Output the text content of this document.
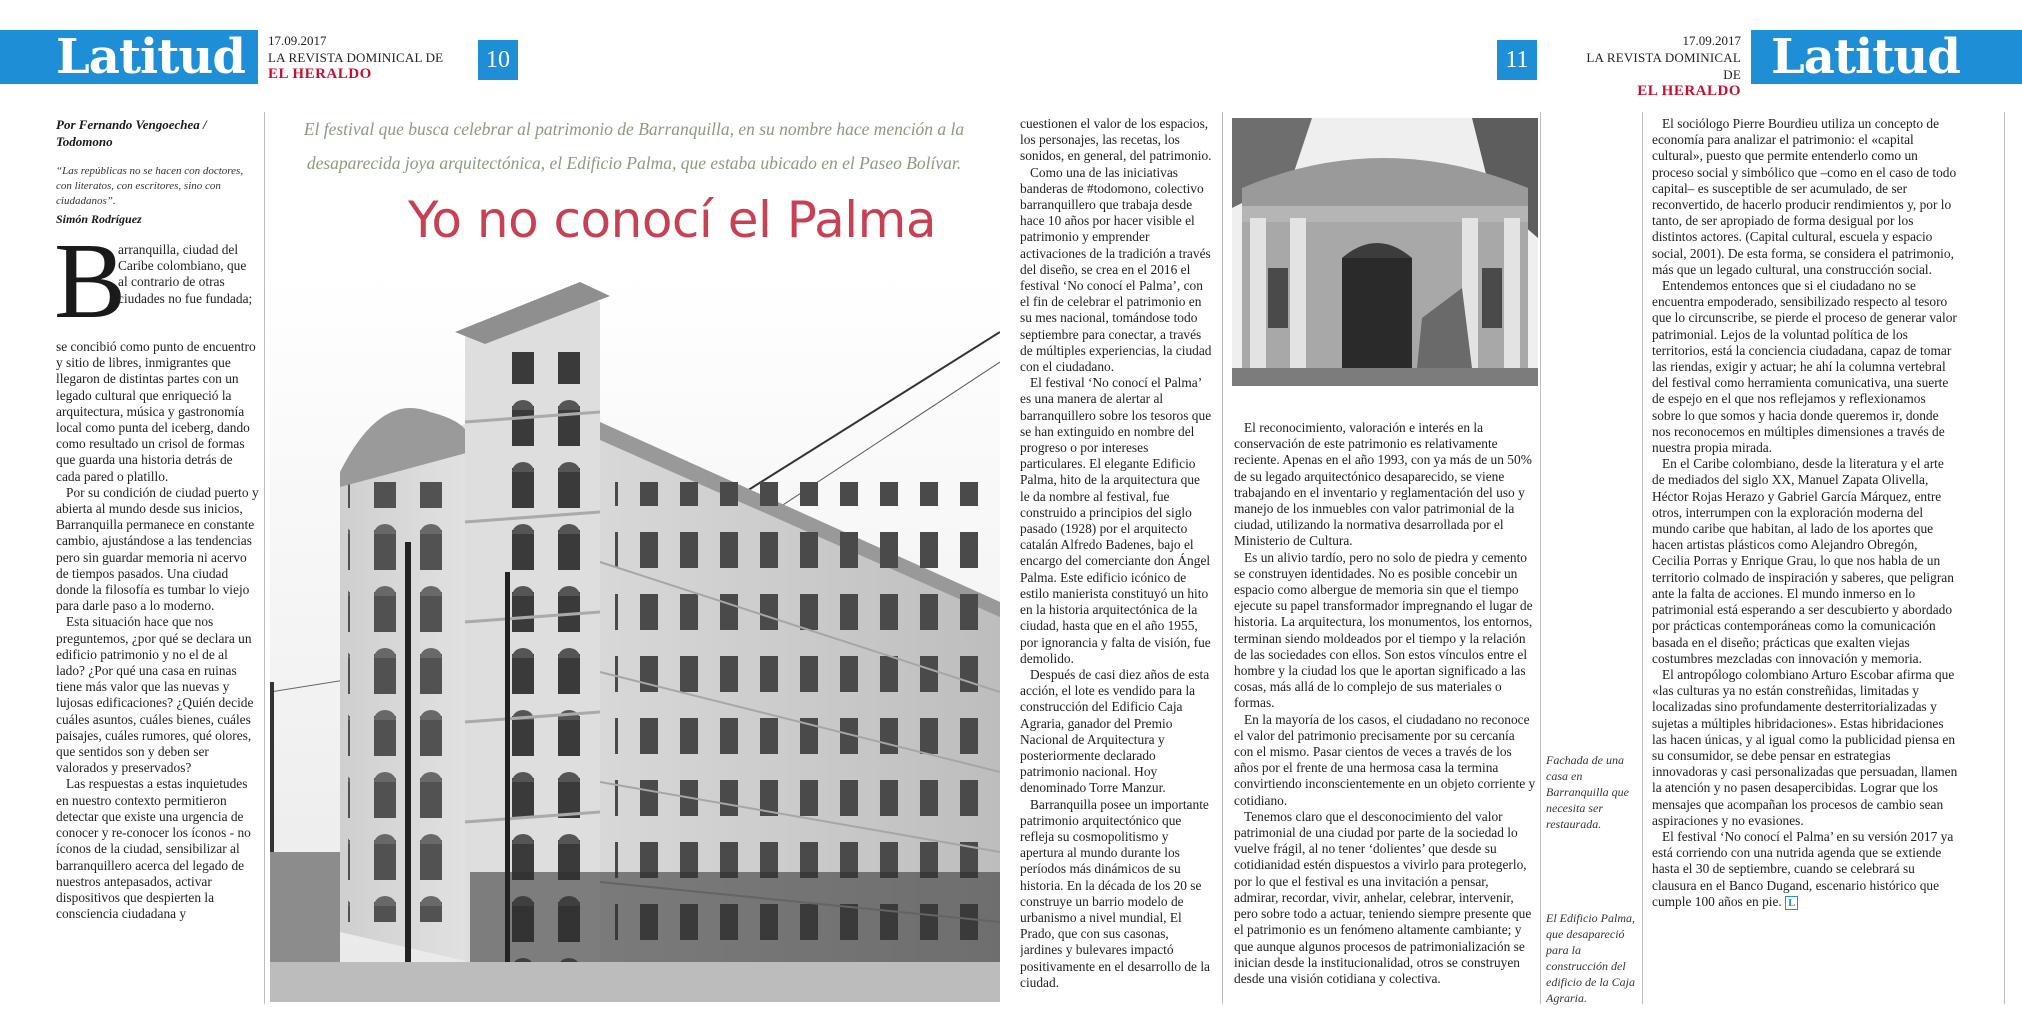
Latitud 17.09.2017
LA REVISTA DOMINICAL DE
EL HERALDO
10	11
17.09.2017
LA REVISTA DOMINICAL DE
EL HERALDO
Latitud
Por Fernando Vengoechea / Todomono
“Las repúblicas no se hacen con doctores, con literatos, con escritores, sino con ciudadanos”.
Simón Rodríguez
B

arranquilla, ciudad del Caribe colombiano, que al contrario de otras ciudades no fue fundada;

se concibió como punto de encuentro y sitio de libres, inmigrantes que llegaron de distintas partes con un legado cultural que enriqueció la arquitectura, música y gastronomía local como punta del iceberg, dando como resultado un crisol de formas que guarda una historia detrás de cada pared o platillo.

Por su condición de ciudad puerto y abierta al mundo desde sus inicios, Barranquilla permanece en constante cambio, ajustándose a las tendencias pero sin guardar memoria ni acervo de tiempos pasados. Una ciudad donde la filosofía es tumbar lo viejo para darle paso a lo moderno.

Esta situación hace que nos preguntemos, ¿por qué se declara un edificio patrimonio y no el de al lado? ¿Por qué una casa en ruinas tiene más valor que las nuevas y lujosas edificaciones? ¿Quién decide cuáles asuntos, cuáles bienes, cuáles paisajes, cuáles rumores, qué olores, que sentidos son y deben ser valorados y preservados?

Las respuestas a estas inquietudes en nuestro contexto permitieron detectar que existe una urgencia de conocer y re-conocer los íconos - no íconos de la ciudad, sensibilizar al barranquillero acerca del legado de nuestros antepasados, activar dispositivos que despierten la consciencia ciudadana y

El festival que busca celebrar al patrimonio de Barranquilla, en su nombre hace mención a la desaparecida joya arquitectónica, el Edificio Palma, que estaba ubicado en el Paseo Bolívar.
Yo no conocí el Palma

cuestionen el valor de los espacios, los personajes, las recetas, los sonidos, en general, del patrimonio.

Como una de las iniciativas banderas de #todomono, colectivo barranquillero que trabaja desde hace 10 años por hacer visible el patrimonio y emprender activaciones de la tradición a través del diseño, se crea en el 2016 el festival ‘No conocí el Palma’, con el fin de celebrar el patrimonio en su mes nacional, tomándose todo septiembre para conectar, a través de múltiples experiencias, la ciudad con el ciudadano.

El festival ‘No conocí el Palma’ es una manera de alertar al barranquillero sobre los tesoros que se han extinguido en nombre del progreso o por intereses particulares. El elegante Edificio Palma, hito de la arquitectura que le da nombre al festival, fue construido a principios del siglo pasado (1928) por el arquitecto catalán Alfredo Badenes, bajo el encargo del comerciante don Ángel Palma. Este edificio icónico de estilo manierista constituyó un hito en la historia arquitectónica de la ciudad, hasta que en el año 1955, por ignorancia y falta de visión, fue demolido.

Después de casi diez años de esta acción, el lote es vendido para la construcción del Edificio Caja Agraria, ganador del Premio Nacional de Arquitectura y posteriormente declarado patrimonio nacional. Hoy denominado Torre Manzur.

Barranquilla posee un importante patrimonio arquitectónico que refleja su cosmopolitismo y apertura al mundo durante los períodos más dinámicos de su historia. En la década de los 20 se construye un barrio modelo de urbanismo a nivel mundial, El Prado, que con sus casonas, jardines y bulevares impactó positivamente en el desarrollo de la ciudad.

El reconocimiento, valoración e interés en la conservación de este patrimonio es relativamente reciente. Apenas en el año 1993, con ya más de un 50% de su legado arquitectónico desaparecido, se viene trabajando en el inventario y reglamentación del uso y manejo de los inmuebles con valor patrimonial de la ciudad, utilizando la normativa desarrollada por el Ministerio de Cultura.

Es un alivio tardío, pero no solo de piedra y cemento se construyen identidades. No es posible concebir un espacio como albergue de memoria sin que el tiempo ejecute su papel transformador impregnando el lugar de historia. La arquitectura, los monumentos, los entornos, terminan siendo moldeados por el tiempo y la relación de las sociedades con ellos. Son estos vínculos entre el hombre y la ciudad los que le aportan significado a las cosas, más allá de lo complejo de sus materiales o formas.

En la mayoría de los casos, el ciudadano no reconoce el valor del patrimonio precisamente por su cercanía con el mismo. Pasar cientos de veces a través de los años por el frente de una hermosa casa la termina convirtiendo inconscientemente en un objeto corriente y cotidiano.

Tenemos claro que el desconocimiento del valor patrimonial de una ciudad por parte de la sociedad lo vuelve frágil, al no tener ‘dolientes’ que desde su cotidianidad estén dispuestos a vivirlo para protegerlo, por lo que el festival es una invitación a pensar, admirar, recordar, vivir, anhelar, celebrar, intervenir, pero sobre todo a actuar, teniendo siempre presente que el patrimonio es un fenómeno altamente cambiante; y que aunque algunos procesos de patrimonialización se inician desde la institucionalidad, otros se construyen desde una visión cotidiana y colectiva.

Fachada de una casa en Barranquilla que necesita ser restaurada.
El Edificio Palma, que desapareció para la construcción del edificio de la Caja Agraria.

El sociólogo Pierre Bourdieu utiliza un concepto de economía para analizar el patrimonio: el «capital cultural», puesto que permite entenderlo como un proceso social y simbólico que –como en el caso de todo capital– es susceptible de ser acumulado, de ser reconvertido, de hacerlo producir rendimientos y, por lo tanto, de ser apropiado de forma desigual por los distintos actores. (Capital cultural, escuela y espacio social, 2001). De esta forma, se considera el patrimonio, más que un legado cultural, una construcción social.

Entendemos entonces que si el ciudadano no se encuentra empoderado, sensibilizado respecto al tesoro que lo circunscribe, se pierde el proceso de generar valor patrimonial. Lejos de la voluntad política de los territorios, está la conciencia ciudadana, capaz de tomar las riendas, exigir y actuar; he ahí la columna vertebral del festival como herramienta comunicativa, una suerte de espejo en el que nos reflejamos y reflexionamos sobre lo que somos y hacia donde queremos ir, donde nos reconocemos en múltiples dimensiones a través de nuestra propia mirada.

En el Caribe colombiano, desde la literatura y el arte de mediados del siglo XX, Manuel Zapata Olivella, Héctor Rojas Herazo y Gabriel García Márquez, entre otros, interrumpen con la exploración moderna del mundo caribe que habitan, al lado de los aportes que hacen artistas plásticos como Alejandro Obregón, Cecilia Porras y Enrique Grau, lo que nos habla de un territorio colmado de inspiración y saberes, que peligran ante la falta de acciones. El mundo inmerso en lo patrimonial está esperando a ser descubierto y abordado por prácticas contemporáneas como la comunicación basada en el diseño; prácticas que exalten viejas costumbres mezcladas con innovación y memoria.

El antropólogo colombiano Arturo Escobar afirma que «las culturas ya no están constreñidas, limitadas y localizadas sino profundamente desterritorializadas y sujetas a múltiples hibridaciones». Estas hibridaciones las hacen únicas, y al igual como la publicidad piensa en su consumidor, se debe pensar en estrategias innovadoras y casi personalizadas que persuadan, llamen la atención y no pasen desapercibidas. Lograr que los mensajes que acompañan los procesos de cambio sean aspiraciones y no evasiones.

El festival ‘No conocí el Palma’ en su versión 2017 ya está corriendo con una nutrida agenda que se extiende hasta el 30 de septiembre, cuando se celebrará su clausura en el Banco Dugand, escenario histórico que cumple 100 años en pie. L
